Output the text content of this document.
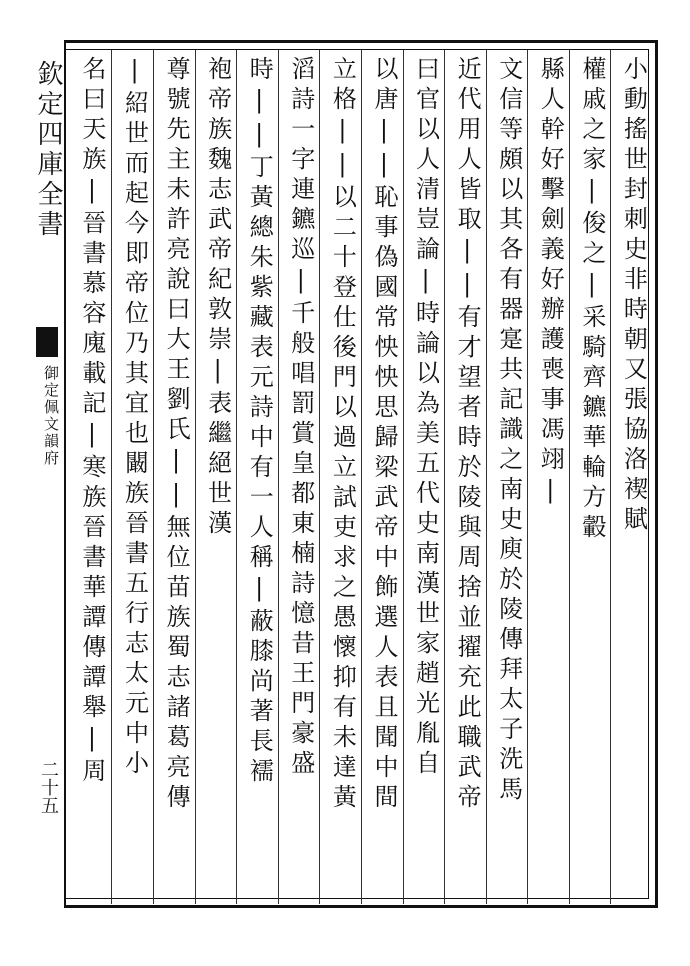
欽定四庫全書
御定佩文韻府
二十五
小動搖世封刺史非時朝又張協洛禊賦
權戚之家|俊之|采騎齊鑣華輪方轂
縣人幹好擊劍義好辦護喪事馮翊|
文信等頗以其各有器寔共記識之南史庾於陵傳拜太子洗馬
近代用人皆取||有才望者時於陵與周捨並擢充此職武帝
曰官以人清豈論|時論以為美五代史南漢世家趙光胤自
以唐||恥事偽國常怏怏思歸梁武帝中飾選人表且聞中間
立格||以二十登仕後門以過立試吏求之愚懷抑有未達黃
滔詩一字連鑣巡|千般唱罰賞皇都東楠詩憶昔王門豪盛
時||丁黃總朱紫藏表元詩中有一人稱|蔽膝尚著長襦
袍帝族魏志武帝紀敦崇|表繼絕世漢
尊號先主未許亮說曰大王劉氏||無位苗族蜀志諸葛亮傳
|紹世而起今即帝位乃其宜也闞族晉書五行志太元中小
名曰天族|晉書慕容廆載記|寒族晉書華譚傳譚舉|周
